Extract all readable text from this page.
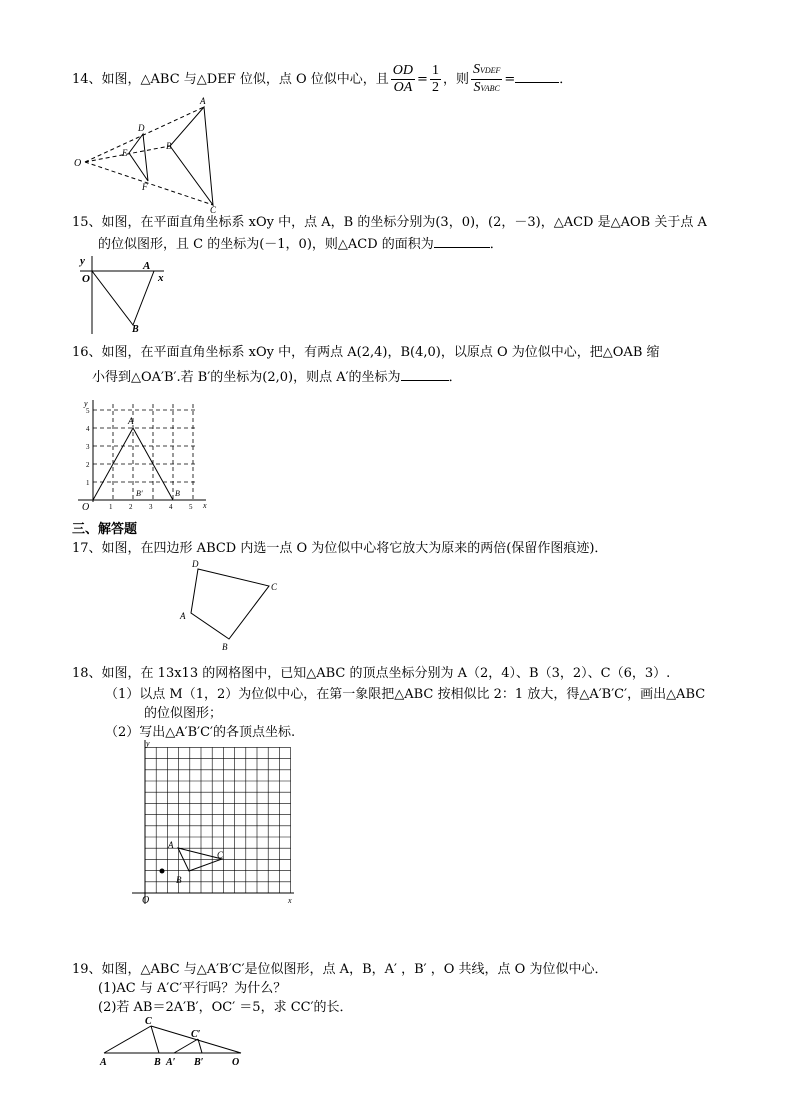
14、如图，△ABC 与△DEF 位似，点 O 位似中心，且 $\frac{OD}{OA} = \frac{1}{2}$ ，则 $\frac{\text{SVDEF}}{\text{SVABC}}$ =	．
O
D
E
F
A
B
C
15、如图，在平面直角坐标系 xOy 中，点 A，B 的坐标分别为(3，0)，(2，－3)，△ACD 是△AOB 关于点 A
的位似图形，且 C 的坐标为(－1，0)，则△ACD 的面积为	．
y
O
A
x
B
16、如图，在平面直角坐标系 xOy 中，有两点 A(2,4)，B(4,0)，以原点 O 为位似中心，把△OAB 缩
小得到△OA′B′.若 B′的坐标为(2,0)，则点 A′的坐标为	．
y
x
O
A
B′	B
1 2 3 4 5
1
2
3
4
5
三、解答题
17、如图，在四边形 ABCD 内选一点 O 为位似中心将它放大为原来的两倍(保留作图痕迹)．
D
C
A
B
18、如图，在 13x13 的网格图中，已知△ABC 的顶点坐标分别为 A（2，4）、B（3，2）、C（6，3）.
（1）以点 M（1，2）为位似中心，在第一象限把△ABC 按相似比 2：1 放大，得△A′B′C′，画出△ABC
的位似图形；
（2）写出△A′B′C′的各顶点坐标.
y
x
O
A
B
C
19、如图，△ABC 与△A′B′C′是位似图形，点 A，B，A′ ，B′ ，O 共线，点 O 为位似中心．
(1)AC 与 A′C′平行吗？为什么？
(2)若 AB＝2A′B′，OC′ ＝5，求 CC′的长．
C
C′
A	B A′ B′	O
